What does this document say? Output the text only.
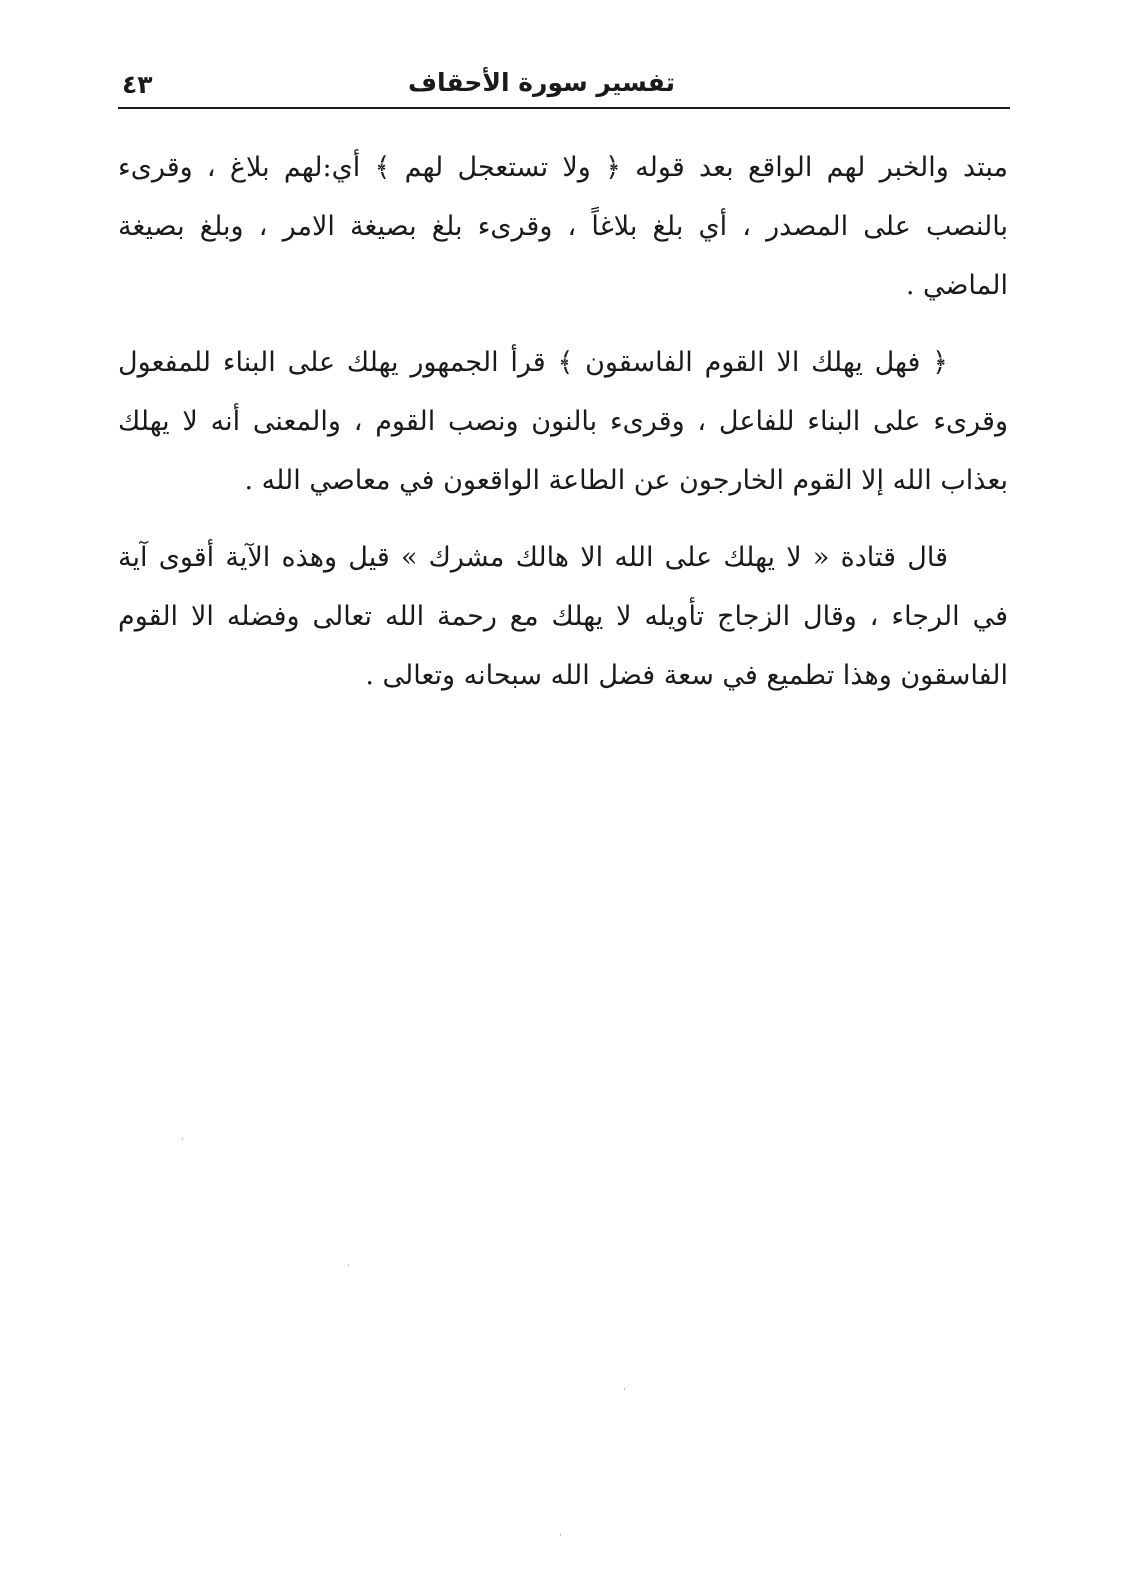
تفسير سورة الأحقاف
٤٣

مبتد والخبر لهم الواقع بعد قوله ﴿ ولا تستعجل لهم ﴾ أي:لهم بلاغ ، وقرىء بالنصب على المصدر ، أي بلغ بلاغاً ، وقرىء بلغ بصيغة الامر ، وبلغ بصيغة الماضي .

﴿ فهل يهلك الا القوم الفاسقون ﴾ قرأ الجمهور يهلك على البناء للمفعول وقرىء على البناء للفاعل ، وقرىء بالنون ونصب القوم ، والمعنى أنه لا يهلك بعذاب الله إلا القوم الخارجون عن الطاعة الواقعون في معاصي الله .

قال قتادة « لا يهلك على الله الا هالك مشرك » قيل وهذه الآية أقوى آية في الرجاء ، وقال الزجاج تأويله لا يهلك مع رحمة الله تعالى وفضله الا القوم الفاسقون وهذا تطميع في سعة فضل الله سبحانه وتعالى .
